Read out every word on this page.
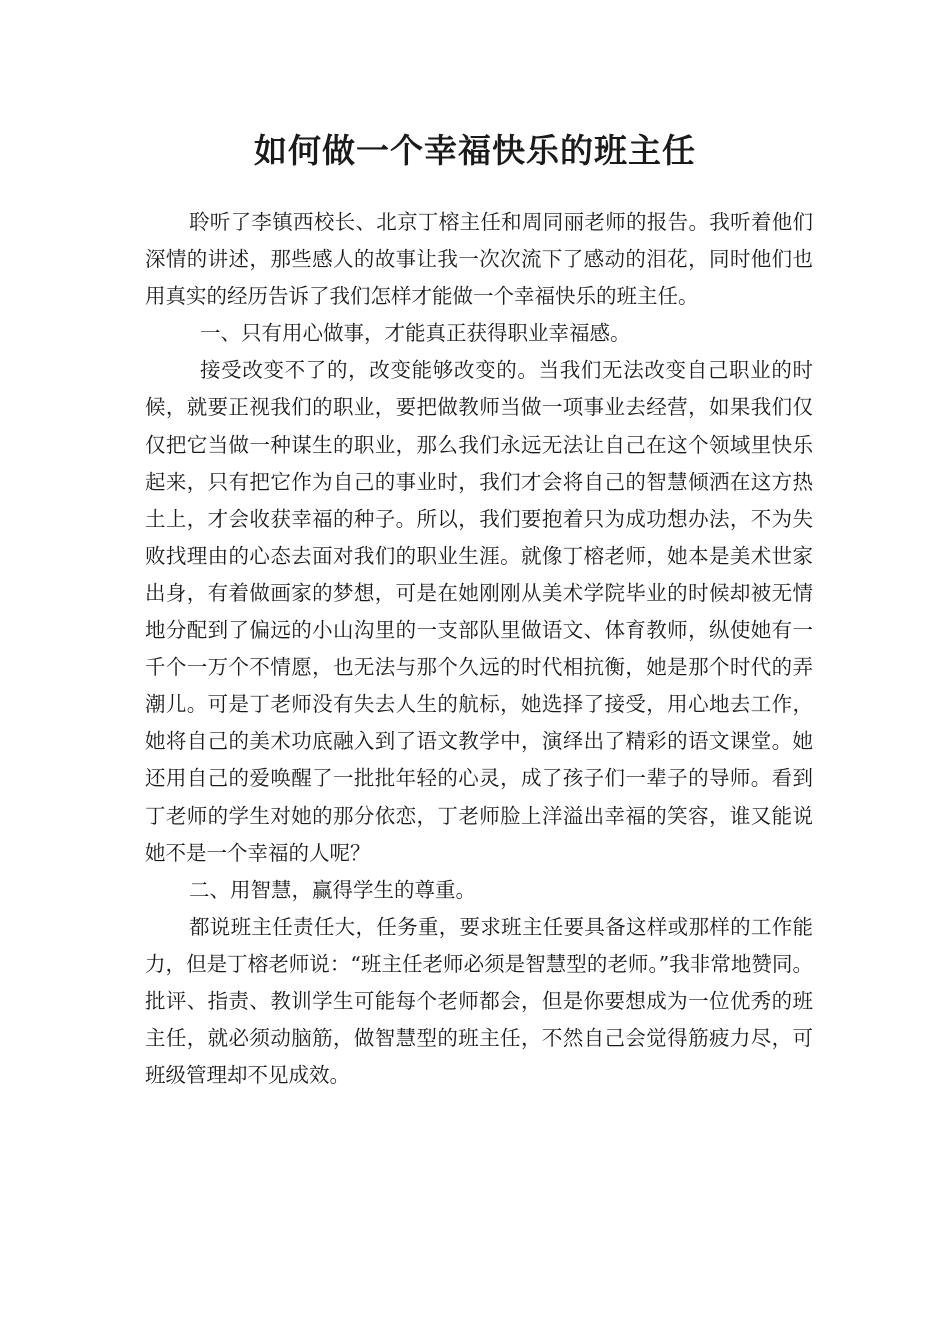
如何做一个幸福快乐的班主任

聆听了李镇西校长、北京丁榕主任和周同丽老师的报告。我听着他们深情的讲述，那些感人的故事让我一次次流下了感动的泪花，同时他们也用真实的经历告诉了我们怎样才能做一个幸福快乐的班主任。

一、只有用心做事，才能真正获得职业幸福感。

接受改变不了的，改变能够改变的。当我们无法改变自己职业的时候，就要正视我们的职业，要把做教师当做一项事业去经营，如果我们仅仅把它当做一种谋生的职业，那么我们永远无法让自己在这个领域里快乐起来，只有把它作为自己的事业时，我们才会将自己的智慧倾洒在这方热土上，才会收获幸福的种子。所以，我们要抱着只为成功想办法，不为失败找理由的心态去面对我们的职业生涯。就像丁榕老师，她本是美术世家出身，有着做画家的梦想，可是在她刚刚从美术学院毕业的时候却被无情地分配到了偏远的小山沟里的一支部队里做语文、体育教师，纵使她有一千个一万个不情愿，也无法与那个久远的时代相抗衡，她是那个时代的弄潮儿。可是丁老师没有失去人生的航标，她选择了接受，用心地去工作，她将自己的美术功底融入到了语文教学中，演绎出了精彩的语文课堂。她还用自己的爱唤醒了一批批年轻的心灵，成了孩子们一辈子的导师。看到丁老师的学生对她的那分依恋，丁老师脸上洋溢出幸福的笑容，谁又能说她不是一个幸福的人呢？

二、用智慧，赢得学生的尊重。

都说班主任责任大，任务重，要求班主任要具备这样或那样的工作能力，但是丁榕老师说：“班主任老师必须是智慧型的老师。”我非常地赞同。批评、指责、教训学生可能每个老师都会，但是你要想成为一位优秀的班主任，就必须动脑筋，做智慧型的班主任，不然自己会觉得筋疲力尽，可班级管理却不见成效。
